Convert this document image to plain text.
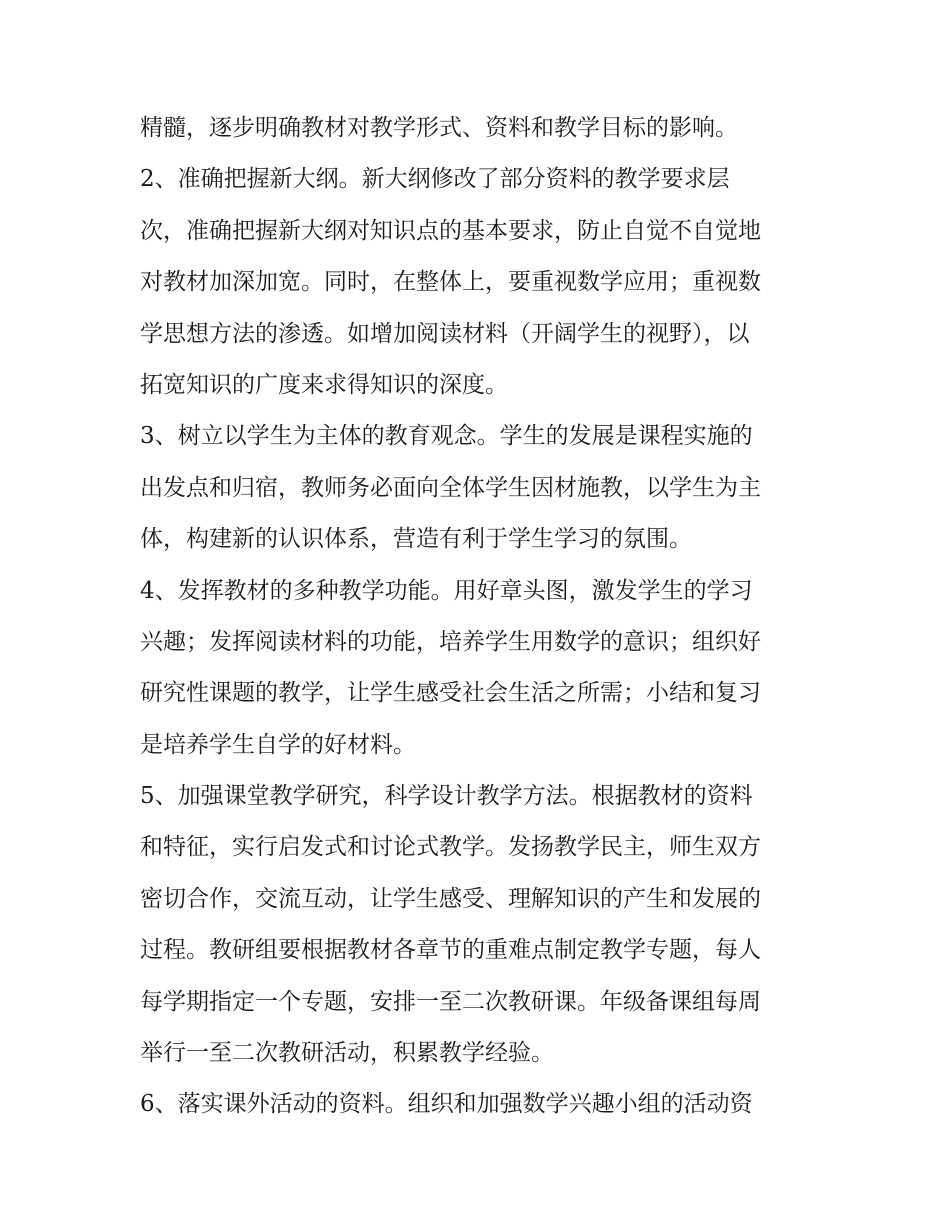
精髓，逐步明确教材对教学形式、资料和教学目标的影响。
2、准确把握新大纲。新大纲修改了部分资料的教学要求层
次，准确把握新大纲对知识点的基本要求，防止自觉不自觉地
对教材加深加宽。同时，在整体上，要重视数学应用；重视数
学思想方法的渗透。如增加阅读材料（开阔学生的视野），以
拓宽知识的广度来求得知识的深度。
3、树立以学生为主体的教育观念。学生的发展是课程实施的
出发点和归宿，教师务必面向全体学生因材施教，以学生为主
体，构建新的认识体系，营造有利于学生学习的氛围。
4、发挥教材的多种教学功能。用好章头图，激发学生的学习
兴趣；发挥阅读材料的功能，培养学生用数学的意识；组织好
研究性课题的教学，让学生感受社会生活之所需；小结和复习
是培养学生自学的好材料。
5、加强课堂教学研究，科学设计教学方法。根据教材的资料
和特征，实行启发式和讨论式教学。发扬教学民主，师生双方
密切合作，交流互动，让学生感受、理解知识的产生和发展的
过程。教研组要根据教材各章节的重难点制定教学专题，每人
每学期指定一个专题，安排一至二次教研课。年级备课组每周
举行一至二次教研活动，积累教学经验。
6、落实课外活动的资料。组织和加强数学兴趣小组的活动资
